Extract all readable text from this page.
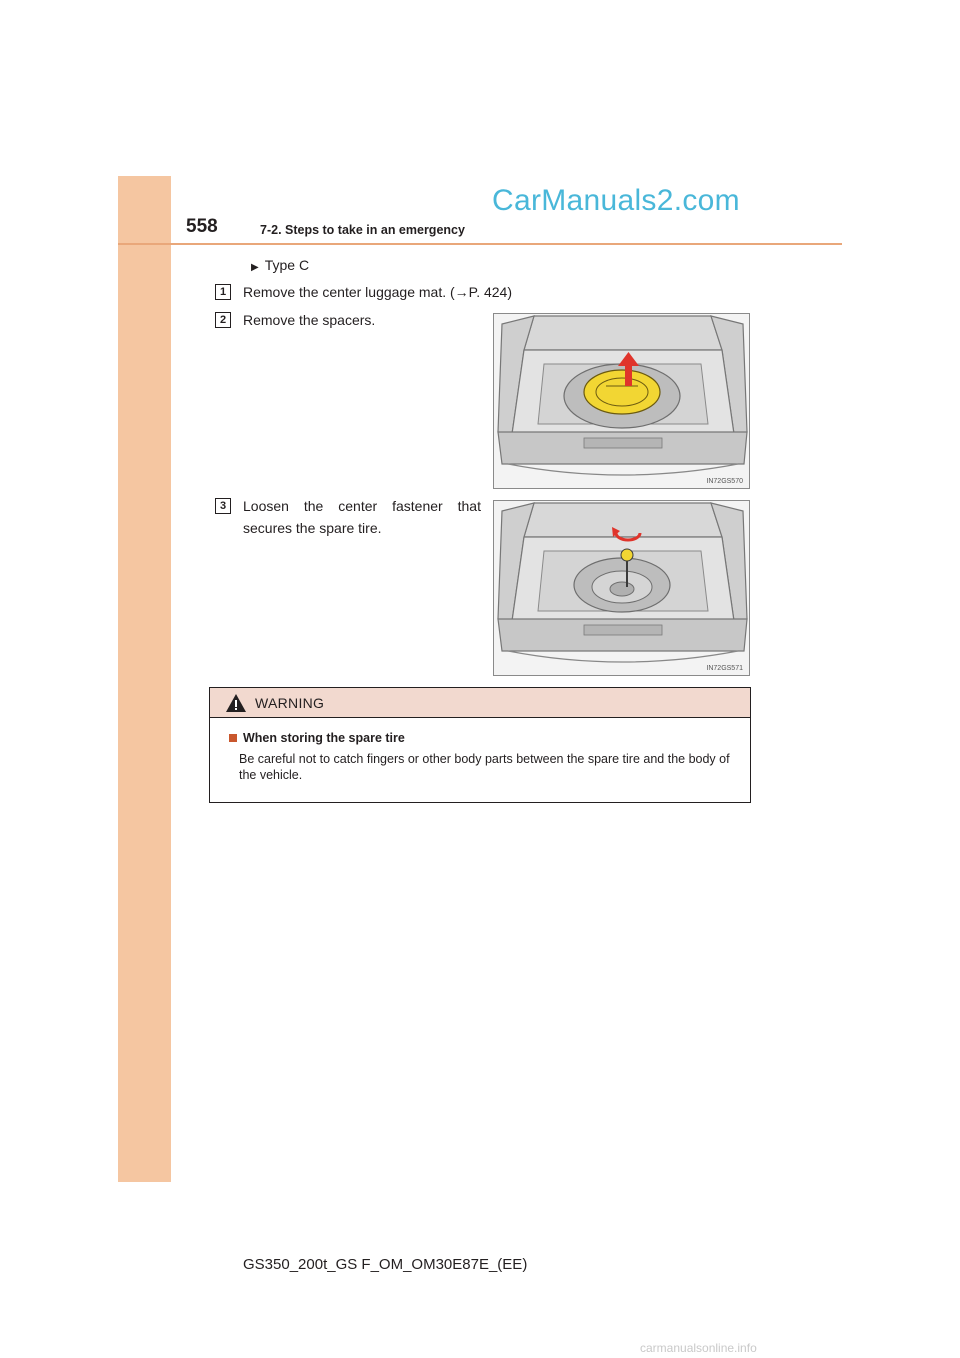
558	7-2. Steps to take in an emergency
CarManuals2.com
▶ Type C
1	Remove the center luggage mat. (→P. 424)
2	Remove the spacers.
IN72GS570
3	Loosen the center fastener that secures the spare tire.
IN72GS571
WARNING
When storing the spare tire
Be careful not to catch fingers or other body parts between the spare tire and the body of the vehicle.
GS350_200t_GS F_OM_OM30E87E_(EE)
carmanualsonline.info
